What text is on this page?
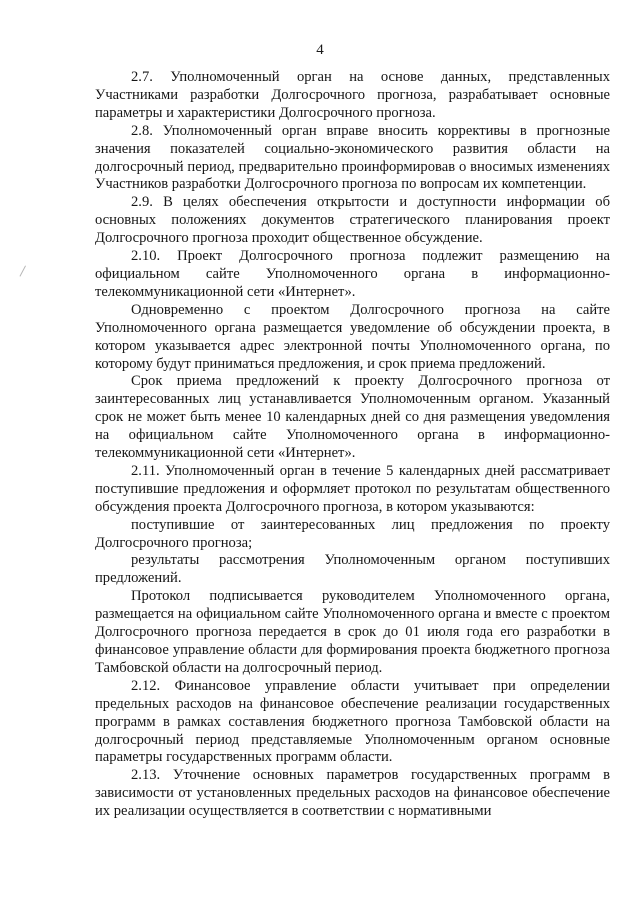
4

2.7. Уполномоченный орган на основе данных, представленных Участниками разработки Долгосрочного прогноза, разрабатывает основные параметры и характеристики Долгосрочного прогноза.

2.8. Уполномоченный орган вправе вносить коррективы в прогнозные значения показателей социально-экономического развития области на долгосрочный период, предварительно проинформировав о вносимых изменениях Участников разработки Долгосрочного прогноза по вопросам их компетенции.

2.9. В целях обеспечения открытости и доступности информации об основных положениях документов стратегического планирования проект Долгосрочного прогноза проходит общественное обсуждение.

2.10. Проект Долгосрочного прогноза подлежит размещению на официальном сайте Уполномоченного органа в информационно-телекоммуникационной сети «Интернет».

Одновременно с проектом Долгосрочного прогноза на сайте Уполномоченного органа размещается уведомление об обсуждении проекта, в котором указывается адрес электронной почты Уполномоченного органа, по которому будут приниматься предложения, и срок приема предложений.

Срок приема предложений к проекту Долгосрочного прогноза от заинтересованных лиц устанавливается Уполномоченным органом. Указанный срок не может быть менее 10 календарных дней со дня размещения уведомления на официальном сайте Уполномоченного органа в информационно-телекоммуникационной сети «Интернет».

2.11. Уполномоченный орган в течение 5 календарных дней рассматривает поступившие предложения и оформляет протокол по результатам общественного обсуждения проекта Долгосрочного прогноза, в котором указываются:

поступившие от заинтересованных лиц предложения по проекту Долгосрочного прогноза;

результаты рассмотрения Уполномоченным органом поступивших предложений.

Протокол подписывается руководителем Уполномоченного органа, размещается на официальном сайте Уполномоченного органа и вместе с проектом Долгосрочного прогноза передается в срок до 01 июля года его разработки в финансовое управление области для формирования проекта бюджетного прогноза Тамбовской области на долгосрочный период.

2.12. Финансовое управление области учитывает при определении предельных расходов на финансовое обеспечение реализации государственных программ в рамках составления бюджетного прогноза Тамбовской области на долгосрочный период представляемые Уполномоченным органом основные параметры государственных программ области.

2.13. Уточнение основных параметров государственных программ в зависимости от установленных предельных расходов на финансовое обеспечение их реализации осуществляется в соответствии с нормативными
